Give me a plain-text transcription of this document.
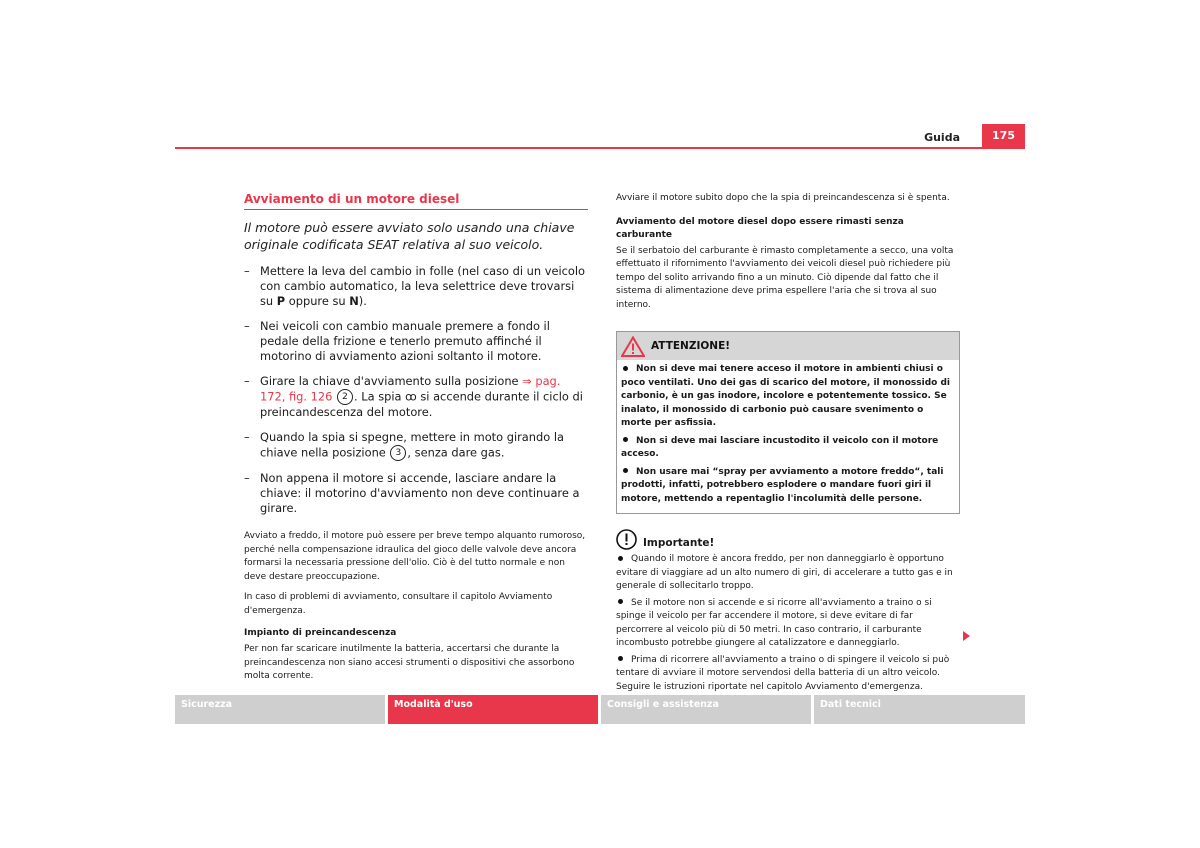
Guida	175
Avviamento di un motore diesel
Il motore può essere avviato solo usando una chiave originale codificata SEAT relativa al suo veicolo.
– Mettere la leva del cambio in folle (nel caso di un veicolo con cambio automatico, la leva selettrice deve trovarsi su P oppure su N).
– Nei veicoli con cambio manuale premere a fondo il pedale della frizione e tenerlo premuto affinché il motorino di avviamento azioni soltanto il motore.
– Girare la chiave d'avviamento sulla posizione ⇒ pag. 172, fig. 126 2 . La spia ꝏ si accende durante il ciclo di preincandescenza del motore.
– Quando la spia si spegne, mettere in moto girando la chiave nella posizione 3 , senza dare gas.
– Non appena il motore si accende, lasciare andare la chiave: il motorino d'avviamento non deve continuare a girare.

Avviato a freddo, il motore può essere per breve tempo alquanto rumoroso, perché nella compensazione idraulica del gioco delle valvole deve ancora formarsi la necessaria pressione dell'olio. Ciò è del tutto normale e non deve destare preoccupazione.

In caso di problemi di avviamento, consultare il capitolo Avviamento d'emergenza.

Impianto di preincandescenza

Per non far scaricare inutilmente la batteria, accertarsi che durante la preincandescenza non siano accesi strumenti o dispositivi che assorbono molta corrente.

Avviare il motore subito dopo che la spia di preincandescenza si è spenta.

Avviamento del motore diesel dopo essere rimasti senza carburante

Se il serbatoio del carburante è rimasto completamente a secco, una volta effettuato il rifornimento l'avviamento dei veicoli diesel può richiedere più tempo del solito arrivando fino a un minuto. Ciò dipende dal fatto che il sistema di alimentazione deve prima espellere l'aria che si trova al suo interno.

ATTENZIONE!
Non si deve mai tenere acceso il motore in ambienti chiusi o poco ventilati. Uno dei gas di scarico del motore, il monossido di carbonio, è un gas inodore, incolore e potentemente tossico. Se inalato, il monossido di carbonio può causare svenimento o morte per asfissia.
Non si deve mai lasciare incustodito il veicolo con il motore acceso.
Non usare mai “spray per avviamento a motore freddo“, tali prodotti, infatti, potrebbero esplodere o mandare fuori giri il motore, mettendo a repentaglio l'incolumità delle persone.
Importante!
Quando il motore è ancora freddo, per non danneggiarlo è opportuno evitare di viaggiare ad un alto numero di giri, di accelerare a tutto gas e in generale di sollecitarlo troppo.
Se il motore non si accende e si ricorre all'avviamento a traino o si spinge il veicolo per far accendere il motore, si deve evitare di far percorrere al veicolo più di 50 metri. In caso contrario, il carburante incombusto potrebbe giungere al catalizzatore e danneggiarlo.
Prima di ricorrere all'avviamento a traino o di spingere il veicolo si può tentare di avviare il motore servendosi della batteria di un altro veicolo. Seguire le istruzioni riportate nel capitolo Avviamento d'emergenza.
Sicurezza	Modalità d'uso	Consigli e assistenza	Dati tecnici
